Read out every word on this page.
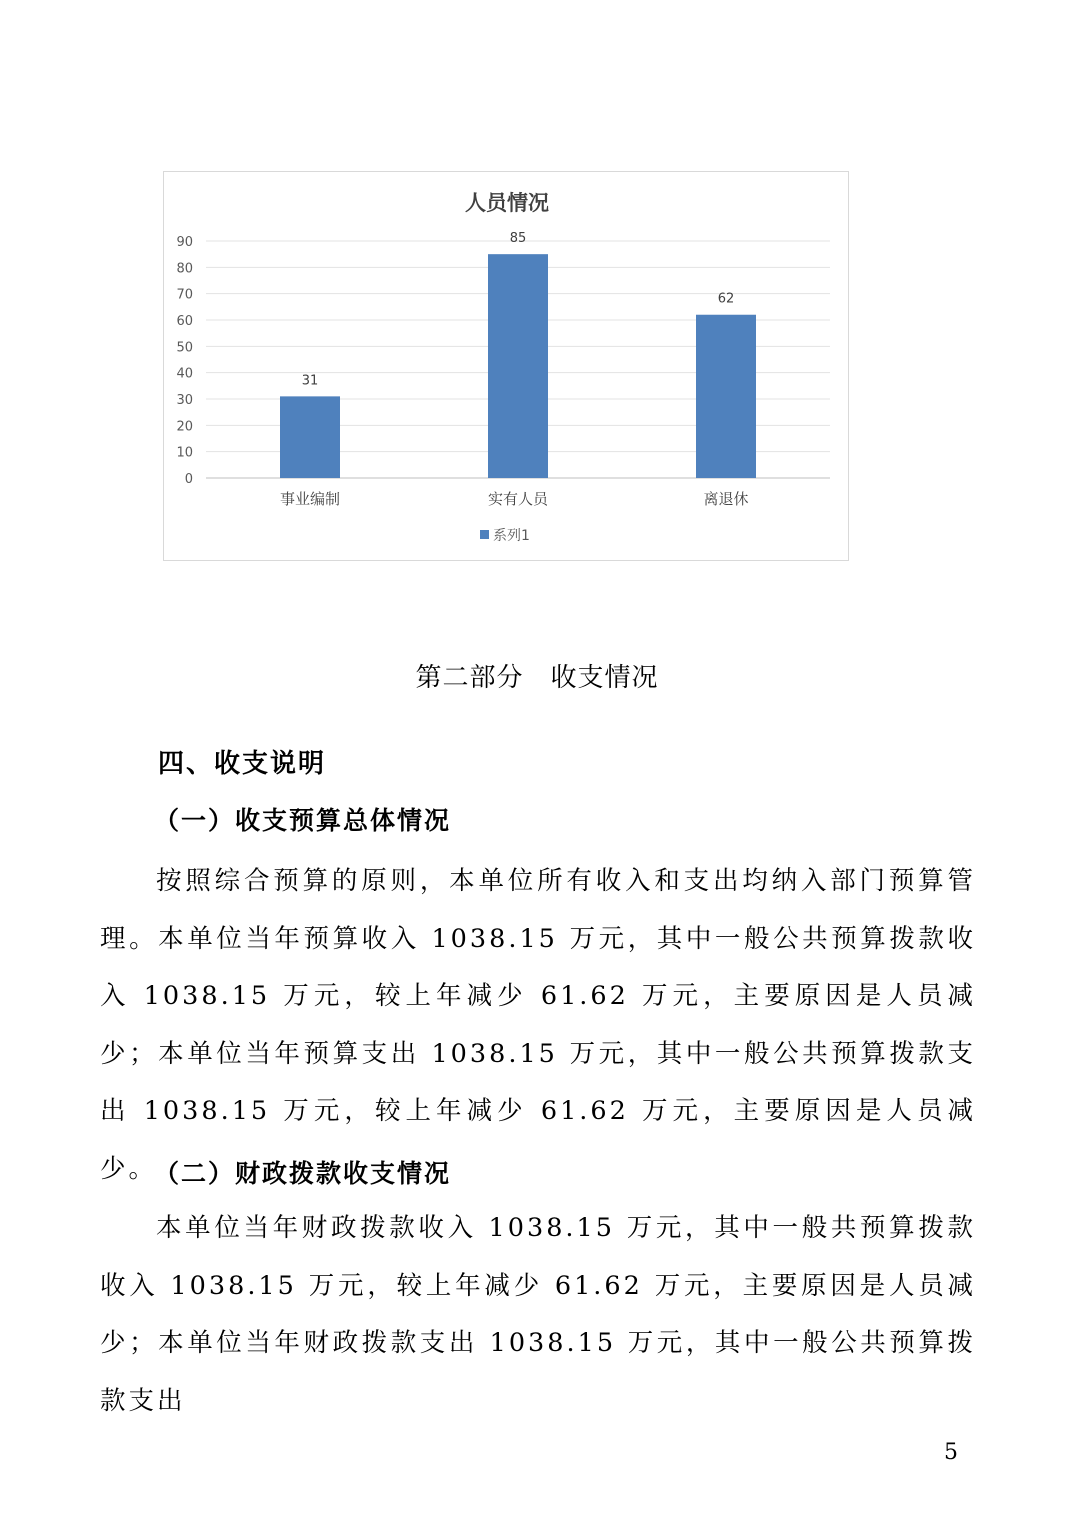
人员情况
0
10
20
30
40
50
60
70
80
90
31
85
62
事业编制	实有人员	离退休
系列1
第二部分　收支情况
四、收支说明
（一）收支预算总体情况
按照综合预算的原则，本单位所有收入和支出均纳入部门预算管理。本单位当年预算收入 1038.15 万元，其中一般公共预算拨款收入 1038.15 万元，较上年减少 61.62 万元，主要原因是人员减少；本单位当年预算支出 1038.15 万元，其中一般公共预算拨款支出 1038.15 万元，较上年减少 61.62 万元，主要原因是人员减少。
（二）财政拨款收支情况
本单位当年财政拨款收入 1038.15 万元，其中一般共预算拨款收入 1038.15 万元，较上年减少 61.62 万元，主要原因是人员减少；本单位当年财政拨款支出 1038.15 万元，其中一般公共预算拨款支出
5
